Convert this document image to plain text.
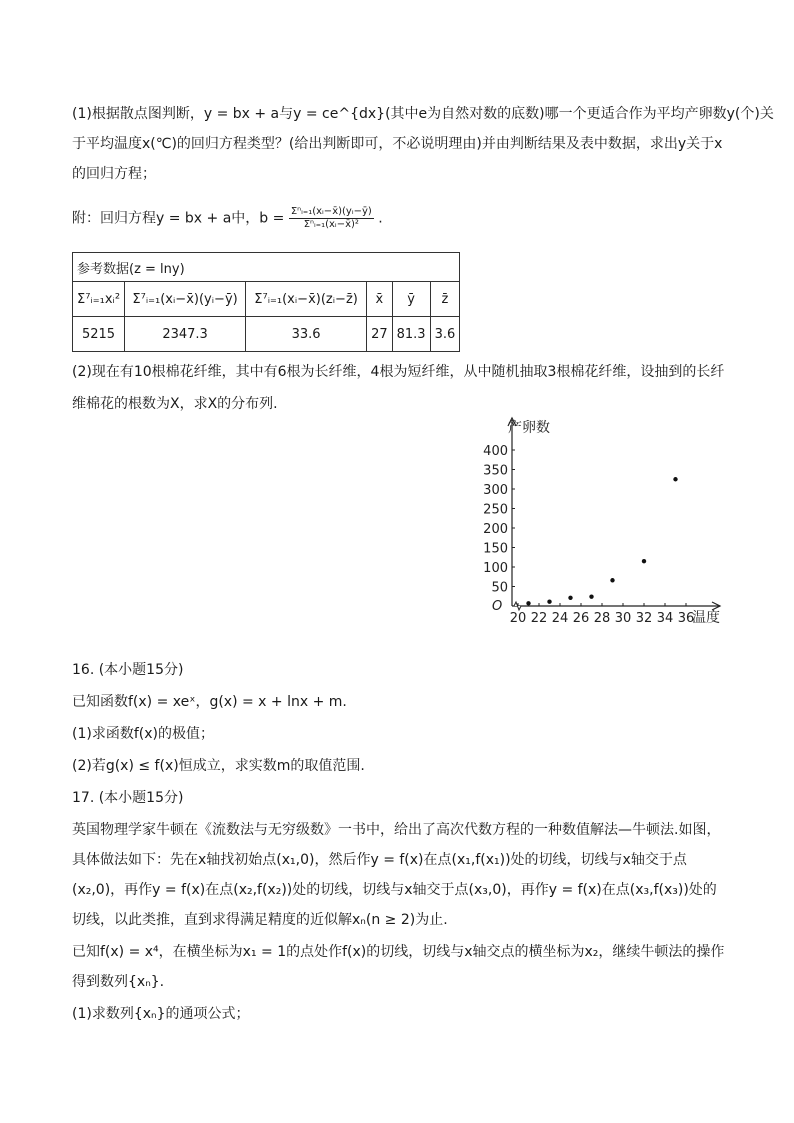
(1)根据散点图判断，y = bx + a与y = ce^{dx}(其中e为自然对数的底数)哪一个更适合作为平均产卵数y(个)关
于平均温度x(℃)的回归方程类型？(给出判断即可，不必说明理由)并由判断结果及表中数据，求出y关于x
的回归方程；
附：回归方程y = bx + a中，$b = \frac{\text{Σⁿᵢ₌₁(xᵢ−x̄)(yᵢ−ȳ)}}{\text{Σⁿᵢ₌₁(xᵢ−x̄)²}}$ .
参考数据(z = lny)					
Σ⁷ᵢ₌₁xᵢ²	Σ⁷ᵢ₌₁(xᵢ−x̄)(yᵢ−ȳ)	Σ⁷ᵢ₌₁(xᵢ−x̄)(zᵢ−z̄)	x̄	ȳ	z̄
5215	2347.3	33.6	27	81.3	3.6
(2)现在有10根棉花纤维，其中有6根为长纤维，4根为短纤维，从中随机抽取3根棉花纤维，设抽到的长纤
维棉花的根数为X，求X的分布列.
产卵数
温度
O
50
100
150
200
250
300
350
400
20 22 24 26 28 30 32 34 36
16. (本小题15分)
已知函数f(x) = xeˣ，g(x) = x + lnx + m.
(1)求函数f(x)的极值；
(2)若g(x) ≤ f(x)恒成立，求实数m的取值范围.
17. (本小题15分)
英国物理学家牛顿在《流数法与无穷级数》一书中，给出了高次代数方程的一种数值解法—牛顿法.如图，
具体做法如下：先在x轴找初始点(x₁,0)，然后作y = f(x)在点(x₁,f(x₁))处的切线，切线与x轴交于点
(x₂,0)，再作y = f(x)在点(x₂,f(x₂))处的切线，切线与x轴交于点(x₃,0)，再作y = f(x)在点(x₃,f(x₃))处的
切线，以此类推，直到求得满足精度的近似解xₙ(n ≥ 2)为止.
已知f(x) = x⁴，在横坐标为x₁ = 1的点处作f(x)的切线，切线与x轴交点的横坐标为x₂，继续牛顿法的操作
得到数列{xₙ}.
(1)求数列{xₙ}的通项公式；
